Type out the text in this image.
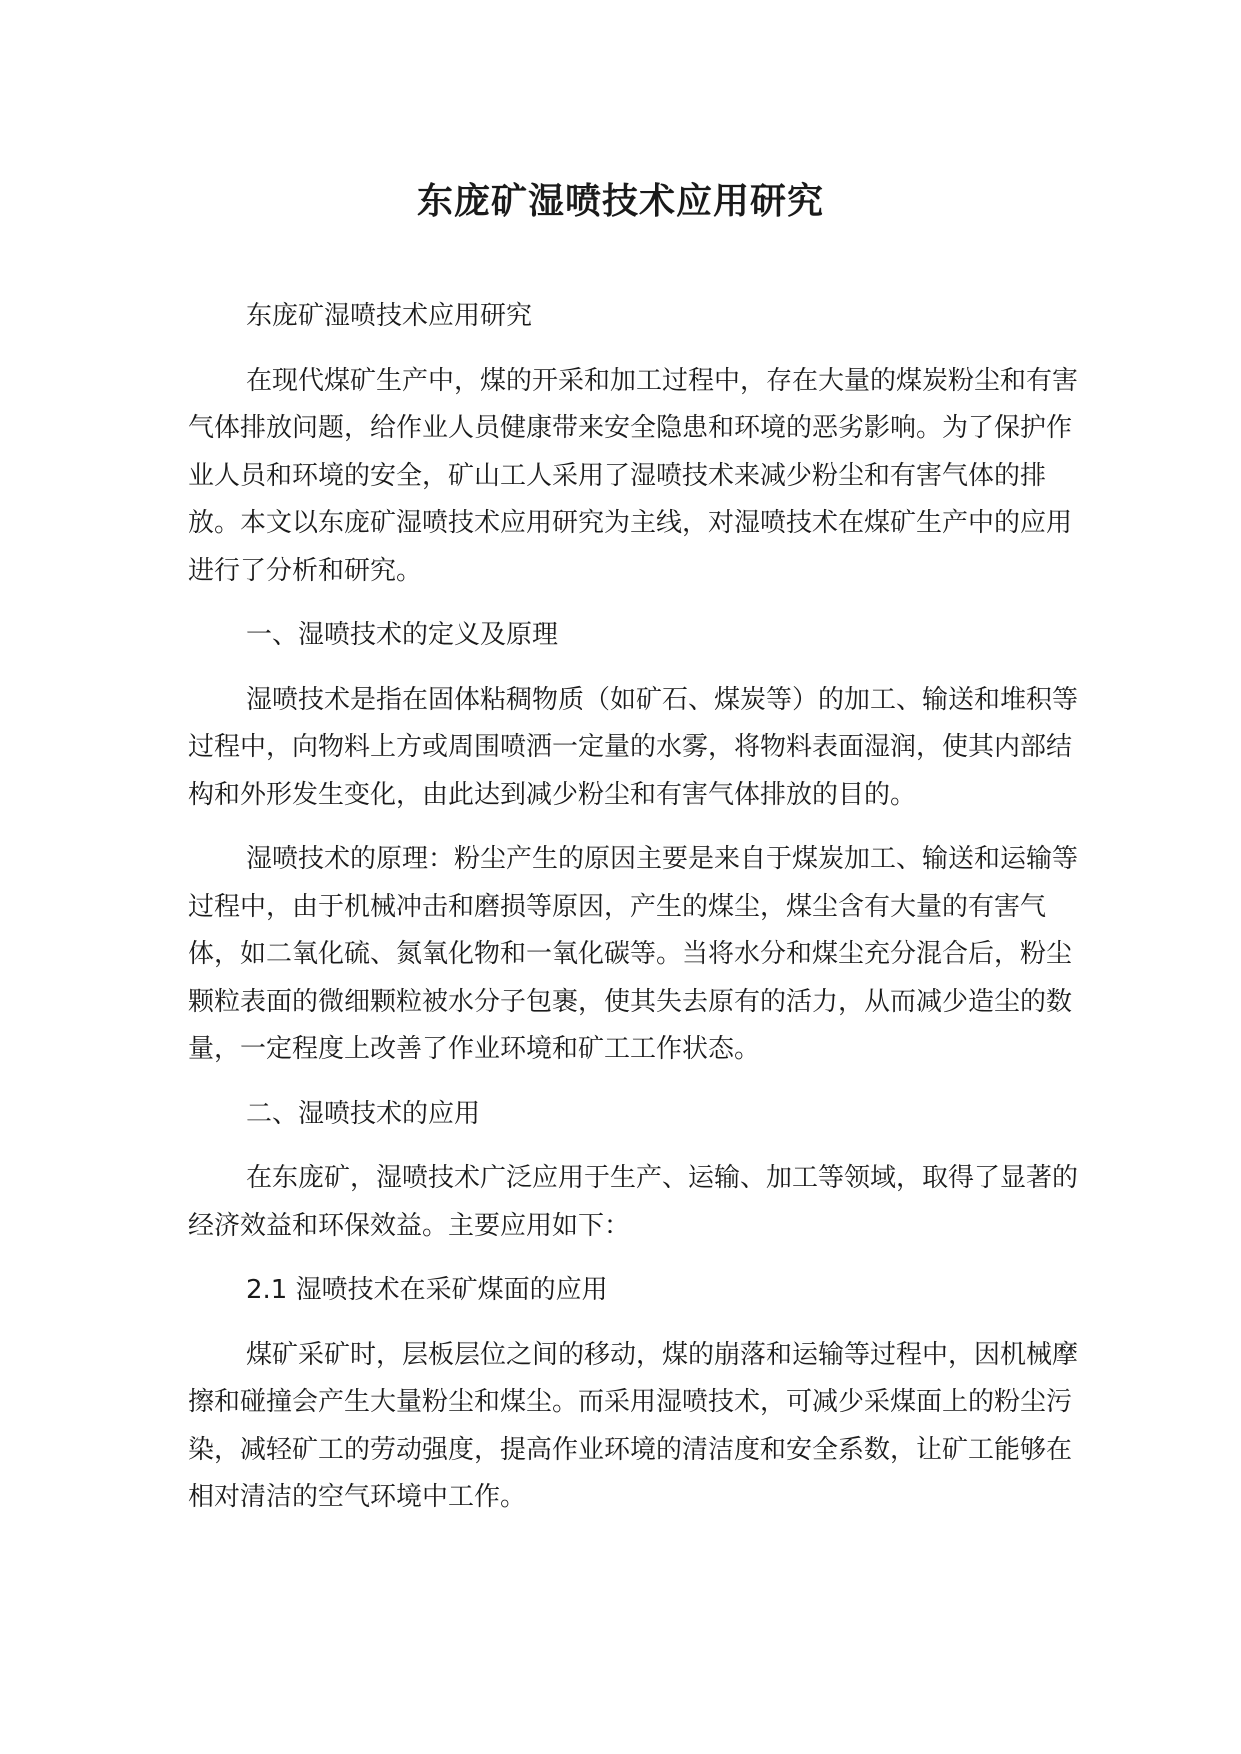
东庞矿湿喷技术应用研究

东庞矿湿喷技术应用研究

在现代煤矿生产中，煤的开采和加工过程中，存在大量的煤炭粉尘和有害气体排放问题，给作业人员健康带来安全隐患和环境的恶劣影响。为了保护作业人员和环境的安全，矿山工人采用了湿喷技术来减少粉尘和有害气体的排放。本文以东庞矿湿喷技术应用研究为主线，对湿喷技术在煤矿生产中的应用进行了分析和研究。

一、湿喷技术的定义及原理

湿喷技术是指在固体粘稠物质（如矿石、煤炭等）的加工、输送和堆积等过程中，向物料上方或周围喷洒一定量的水雾，将物料表面湿润，使其内部结构和外形发生变化，由此达到减少粉尘和有害气体排放的目的。

湿喷技术的原理：粉尘产生的原因主要是来自于煤炭加工、输送和运输等过程中，由于机械冲击和磨损等原因，产生的煤尘，煤尘含有大量的有害气体，如二氧化硫、氮氧化物和一氧化碳等。当将水分和煤尘充分混合后，粉尘颗粒表面的微细颗粒被水分子包裹，使其失去原有的活力，从而减少造尘的数量，一定程度上改善了作业环境和矿工工作状态。

二、湿喷技术的应用

在东庞矿，湿喷技术广泛应用于生产、运输、加工等领域，取得了显著的经济效益和环保效益。主要应用如下：

2.1 湿喷技术在采矿煤面的应用

煤矿采矿时，层板层位之间的移动，煤的崩落和运输等过程中，因机械摩擦和碰撞会产生大量粉尘和煤尘。而采用湿喷技术，可减少采煤面上的粉尘污染，减轻矿工的劳动强度，提高作业环境的清洁度和安全系数，让矿工能够在相对清洁的空气环境中工作。
